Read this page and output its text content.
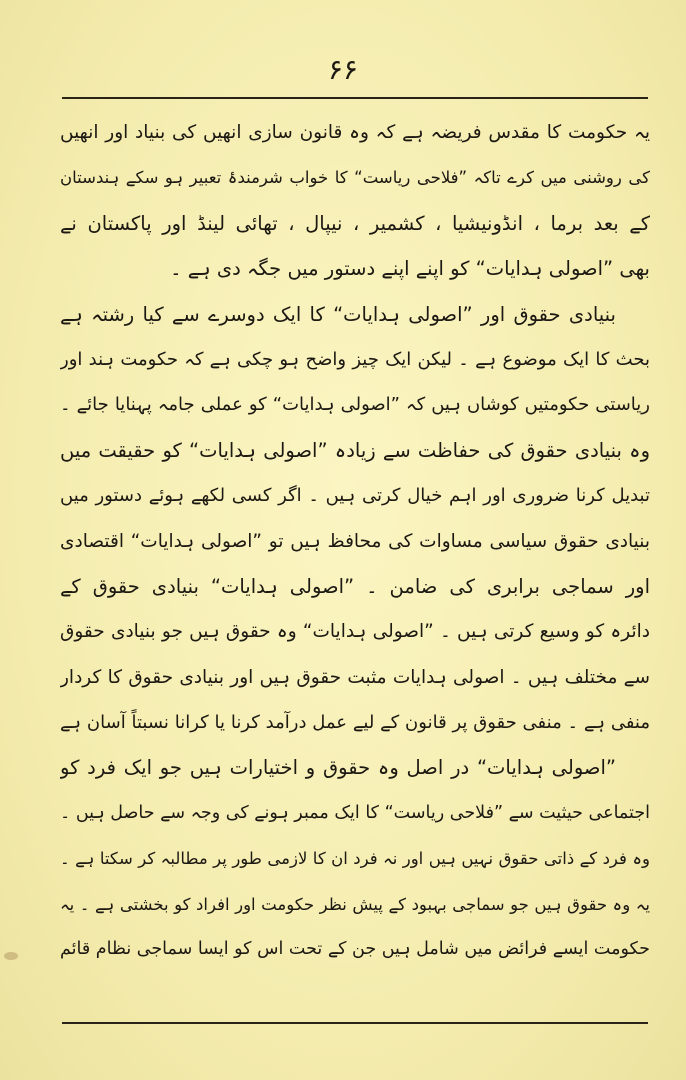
۶۶
یہ حکومت کا مقدس فریضہ ہے کہ وہ قانون سازی انھیں کی بنیاد اور انھیں
کی روشنی میں کرے تاکہ ”فلاحی ریاست“ کا خواب شرمندۂ تعبیر ہو سکے ہندستان
کے بعد برما ، انڈونیشیا ، کشمیر ، نیپال ، تھائی لینڈ اور پاکستان نے
بھی ”اصولی ہدایات“ کو اپنے اپنے دستور میں جگہ دی ہے ۔
بنیادی حقوق اور ”اصولی ہدایات“ کا ایک دوسرے سے کیا رشتہ ہے
بحث کا ایک موضوع ہے ۔ لیکن ایک چیز واضح ہو چکی ہے کہ حکومت ہند اور
ریاستی حکومتیں کوشاں ہیں کہ ”اصولی ہدایات“ کو عملی جامہ پہنایا جائے ۔
وہ بنیادی حقوق کی حفاظت سے زیادہ ”اصولی ہدایات“ کو حقیقت میں
تبدیل کرنا ضروری اور اہم خیال کرتی ہیں ۔ اگر کسی لکھے ہوئے دستور میں
بنیادی حقوق سیاسی مساوات کی محافظ ہیں تو ”اصولی ہدایات“ اقتصادی
اور سماجی برابری کی ضامن ۔ ”اصولی ہدایات“ بنیادی حقوق کے
دائرہ کو وسیع کرتی ہیں ۔ ”اصولی ہدایات“ وہ حقوق ہیں جو بنیادی حقوق
سے مختلف ہیں ۔ اصولی ہدایات مثبت حقوق ہیں اور بنیادی حقوق کا کردار
منفی ہے ۔ منفی حقوق پر قانون کے لیے عمل درآمد کرنا یا کرانا نسبتاً آسان ہے
”اصولی ہدایات“ در اصل وہ حقوق و اختیارات ہیں جو ایک فرد کو
اجتماعی حیثیت سے ”فلاحی ریاست“ کا ایک ممبر ہونے کی وجہ سے حاصل ہیں ۔
وہ فرد کے ذاتی حقوق نہیں ہیں اور نہ فرد ان کا لازمی طور پر مطالبہ کر سکتا ہے ۔
یہ وہ حقوق ہیں جو سماجی بہبود کے پیش نظر حکومت اور افراد کو بخشتی ہے ۔ یہ
حکومت ایسے فرائض میں شامل ہیں جن کے تحت اس کو ایسا سماجی نظام قائم
